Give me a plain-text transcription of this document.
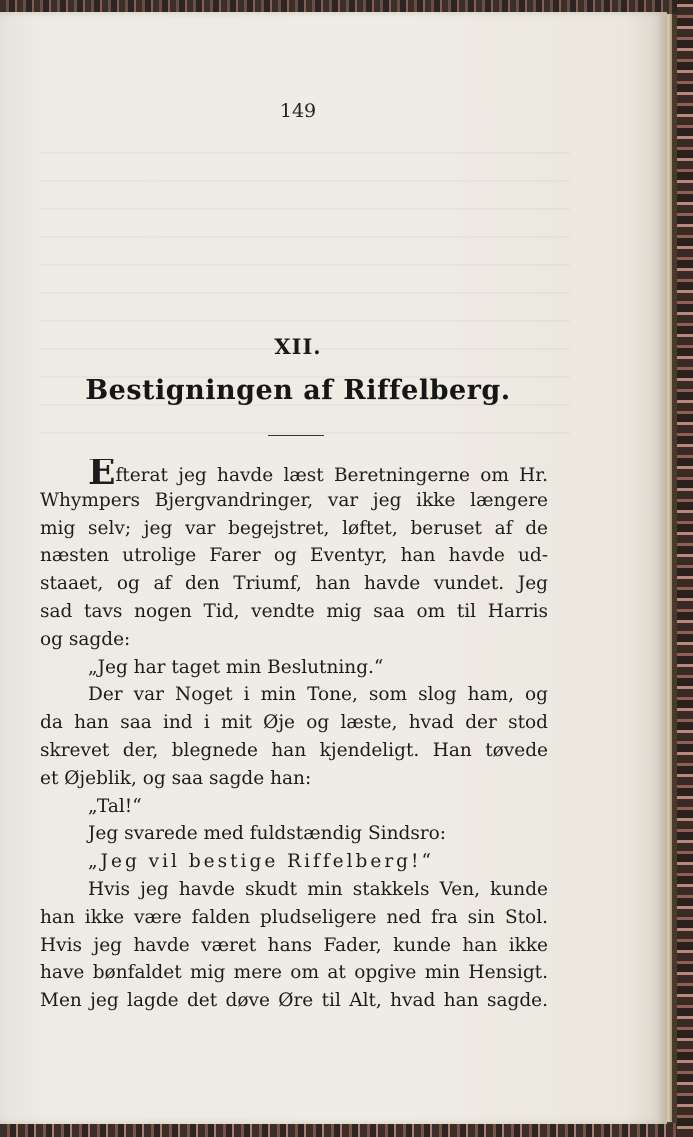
149
XII.
Bestigningen af Riffelberg.
Efterat jeg havde læst Beretningerne om Hr.
Whympers Bjergvandringer, var jeg ikke længere
mig selv; jeg var begejstret, løftet, beruset af de
næsten utrolige Farer og Eventyr, han havde ud-
staaet, og af den Triumf, han havde vundet. Jeg
sad tavs nogen Tid, vendte mig saa om til Harris
og sagde:
„Jeg har taget min Beslutning.“
Der var Noget i min Tone, som slog ham, og
da han saa ind i mit Øje og læste, hvad der stod
skrevet der, blegnede han kjendeligt. Han tøvede
et Øjeblik, og saa sagde han:
„Tal!“
Jeg svarede med fuldstændig Sindsro:
„Jeg vil bestige Riffelberg!“
Hvis jeg havde skudt min stakkels Ven, kunde
han ikke være falden pludseligere ned fra sin Stol.
Hvis jeg havde været hans Fader, kunde han ikke
have bønfaldet mig mere om at opgive min Hensigt.
Men jeg lagde det døve Øre til Alt, hvad han sagde.
